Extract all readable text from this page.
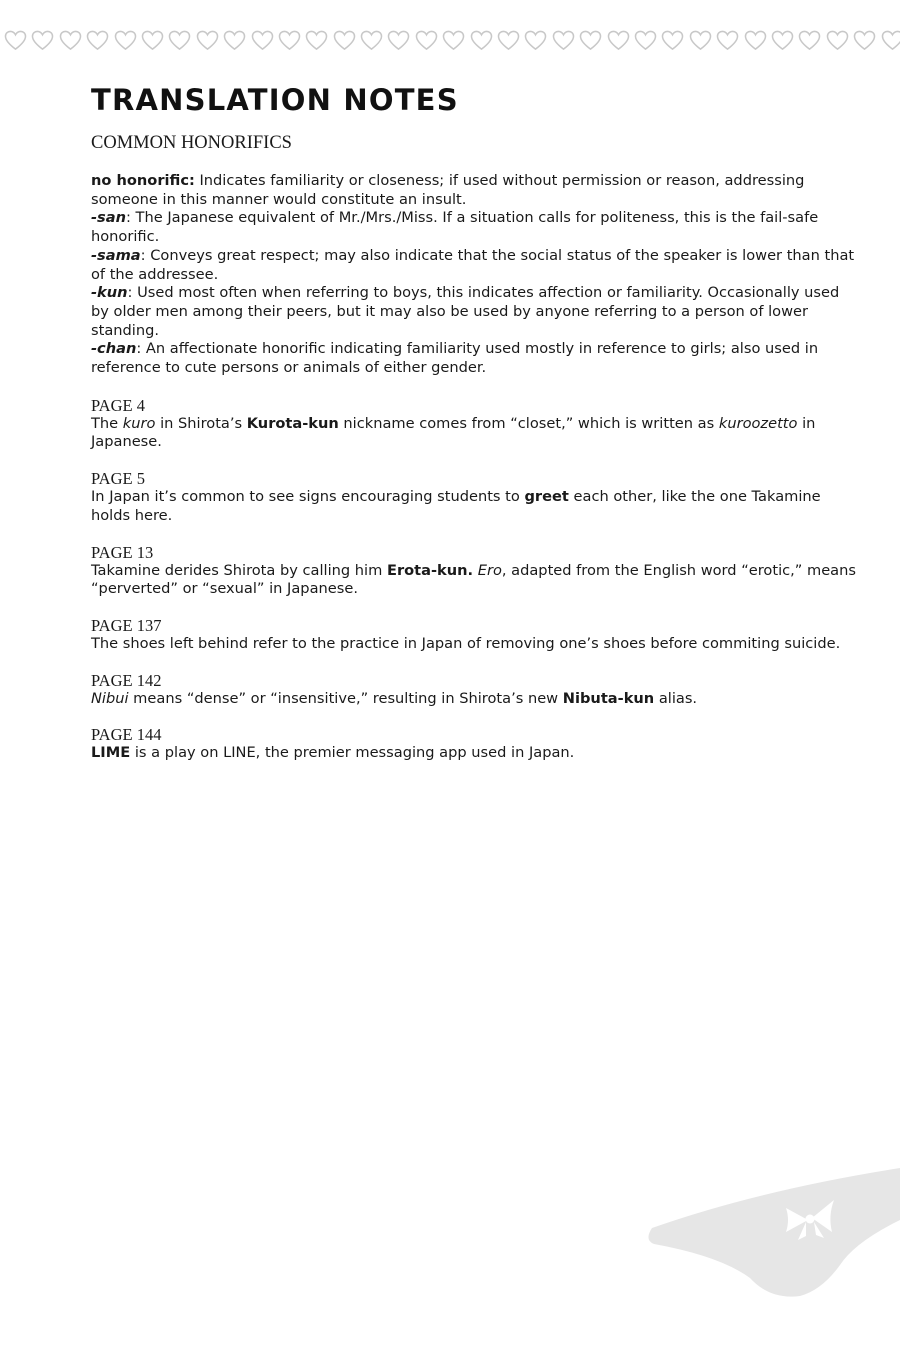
TRANSLATION NOTES
COMMON HONORIFICS

no honorific: Indicates familiarity or closeness; if used without permission or reason, addressing someone in this manner would constitute an insult.

-san: The Japanese equivalent of Mr./Mrs./Miss. If a situation calls for politeness, this is the fail-safe honorific.

-sama: Conveys great respect; may also indicate that the social status of the speaker is lower than that of the addressee.

-kun: Used most often when referring to boys, this indicates affection or familiarity. Occasionally used by older men among their peers, but it may also be used by anyone referring to a person of lower standing.

-chan: An affectionate honorific indicating familiarity used mostly in reference to girls; also used in reference to cute persons or animals of either gender.

PAGE 4
The kuro in Shirota’s Kurota-kun nickname comes from “closet,” which is written as kuroozetto in Japanese.
PAGE 5
In Japan it’s common to see signs encouraging students to greet each other, like the one Takamine holds here.
PAGE 13
Takamine derides Shirota by calling him Erota-kun. Ero, adapted from the English word “erotic,” means “perverted” or “sexual” in Japanese.
PAGE 137
The shoes left behind refer to the practice in Japan of removing one’s shoes before commiting suicide.
PAGE 142
Nibui means “dense” or “insensitive,” resulting in Shirota’s new Nibuta-kun alias.
PAGE 144
LIME is a play on LINE, the premier messaging app used in Japan.
